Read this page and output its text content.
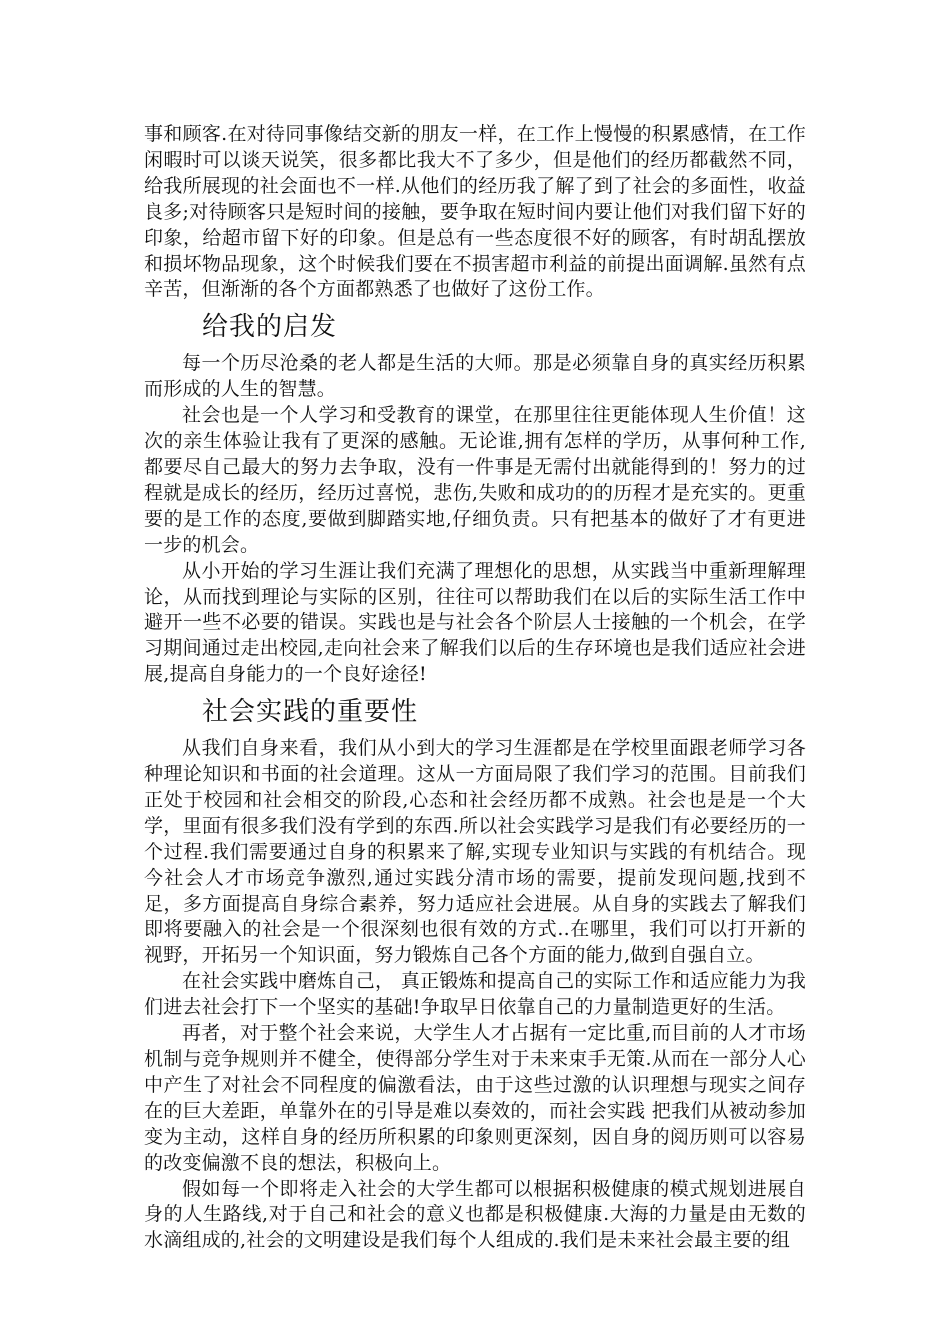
事和顾客.在对待同事像结交新的朋友一样，在工作上慢慢的积累感情，在工作闲暇时可以谈天说笑，很多都比我大不了多少，但是他们的经历都截然不同，给我所展现的社会面也不一样.从他们的经历我了解了到了社会的多面性，收益良多;对待顾客只是短时间的接触，要争取在短时间内要让他们对我们留下好的印象，给超市留下好的印象。但是总有一些态度很不好的顾客，有时胡乱摆放和损坏物品现象，这个时候我们要在不损害超市利益的前提出面调解.虽然有点辛苦，但渐渐的各个方面都熟悉了也做好了这份工作。

给我的启发

每一个历尽沧桑的老人都是生活的大师。那是必须靠自身的真实经历积累而形成的人生的智慧。

社会也是一个人学习和受教育的课堂，在那里往往更能体现人生价值！这次的亲生体验让我有了更深的感触。无论谁,拥有怎样的学历，从事何种工作,都要尽自己最大的努力去争取，没有一件事是无需付出就能得到的！努力的过程就是成长的经历，经历过喜悦，悲伤,失败和成功的的历程才是充实的。更重要的是工作的态度,要做到脚踏实地,仔细负责。只有把基本的做好了才有更进一步的机会。

从小开始的学习生涯让我们充满了理想化的思想，从实践当中重新理解理论，从而找到理论与实际的区别，往往可以帮助我们在以后的实际生活工作中避开一些不必要的错误。实践也是与社会各个阶层人士接触的一个机会，在学习期间通过走出校园,走向社会来了解我们以后的生存环境也是我们适应社会进展,提高自身能力的一个良好途径!

社会实践的重要性

从我们自身来看，我们从小到大的学习生涯都是在学校里面跟老师学习各种理论知识和书面的社会道理。这从一方面局限了我们学习的范围。目前我们正处于校园和社会相交的阶段,心态和社会经历都不成熟。社会也是是一个大学，里面有很多我们没有学到的东西.所以社会实践学习是我们有必要经历的一个过程.我们需要通过自身的积累来了解,实现专业知识与实践的有机结合。现今社会人才市场竞争激烈,通过实践分清市场的需要，提前发现问题,找到不足，多方面提高自身综合素养，努力适应社会进展。从自身的实践去了解我们即将要融入的社会是一个很深刻也很有效的方式..在哪里，我们可以打开新的视野，开拓另一个知识面，努力锻炼自己各个方面的能力,做到自强自立。

在社会实践中磨炼自己， 真正锻炼和提高自己的实际工作和适应能力为我们进去社会打下一个坚实的基础!争取早日依靠自己的力量制造更好的生活。

再者，对于整个社会来说，大学生人才占据有一定比重,而目前的人才市场机制与竞争规则并不健全，使得部分学生对于未来束手无策.从而在一部分人心中产生了对社会不同程度的偏激看法，由于这些过激的认识理想与现实之间存在的巨大差距，单靠外在的引导是难以奏效的，而社会实践 把我们从被动参加变为主动，这样自身的经历所积累的印象则更深刻，因自身的阅历则可以容易的改变偏激不良的想法，积极向上。

假如每一个即将走入社会的大学生都可以根据积极健康的模式规划进展自身的人生路线,对于自己和社会的意义也都是积极健康.大海的力量是由无数的水滴组成的,社会的文明建设是我们每个人组成的.我们是未来社会最主要的组
